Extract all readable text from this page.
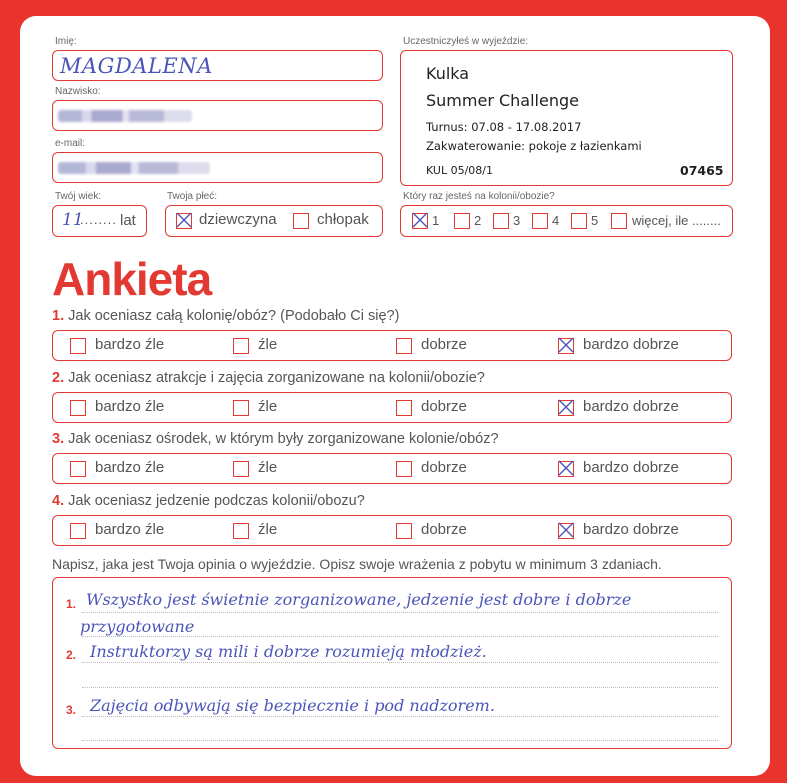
Imię:
MAGDALENA
Nazwisko:
e-mail:
Twój wiek:
11
........ lat
Twoja płeć:
dziewczyna	chłopak
Uczestniczyłeś w wyjeździe:
Kulka
Summer Challenge
Turnus: 07.08 - 17.08.2017
Zakwaterowanie: pokoje z łazienkami
KUL 05/08/1	07465
Który raz jesteś na kolonii/obozie?
1	2 3 4 5	więcej, ile ........
Ankieta
1. Jak oceniasz całą kolonię/obóz? (Podobało Ci się?)
2. Jak oceniasz atrakcje i zajęcia zorganizowane na kolonii/obozie?
3. Jak oceniasz ośrodek, w którym były zorganizowane kolonie/obóz?
4. Jak oceniasz jedzenie podczas kolonii/obozu?
bardzo źle	źle	dobrze	bardzo dobrze
bardzo źle	źle	dobrze	bardzo dobrze
bardzo źle	źle	dobrze	bardzo dobrze
bardzo źle	źle	dobrze	bardzo dobrze
Napisz, jaka jest Twoja opinia o wyjeździe. Opisz swoje wrażenia z pobytu w minimum 3 zdaniach.
1. Wszystko jest świetnie zorganizowane, jedzenie jest dobre i dobrze
przygotowane
2. Instruktorzy są mili i dobrze rozumieją młodzież.
3. Zajęcia odbywają się bezpiecznie i pod nadzorem.
